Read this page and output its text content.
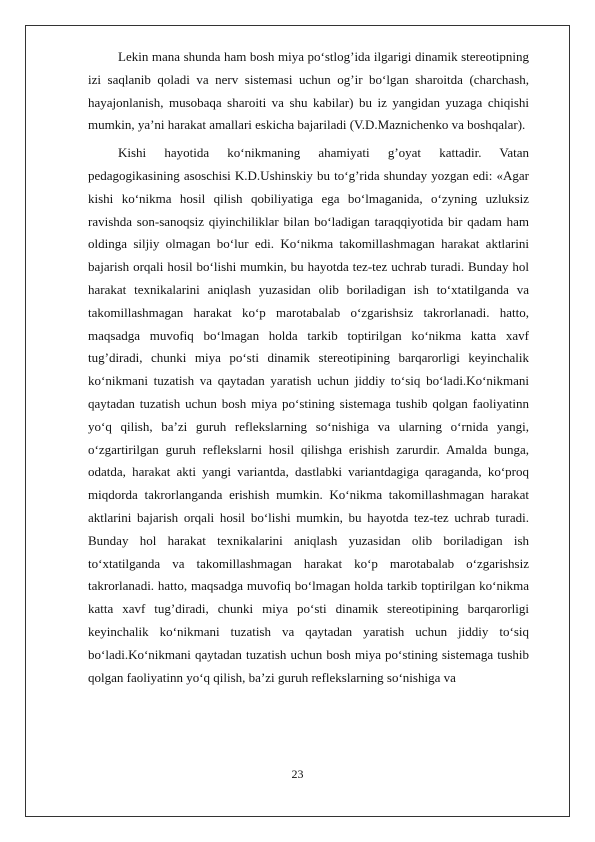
Lekin mana shunda ham bosh miya po‘stlog’ida ilgarigi dinamik stereotipning izi saqlanib qoladi va nerv sistemasi uchun og’ir bo‘lgan sharoitda (charchash, hayajonlanish, musobaqa sharoiti va shu kabilar) bu iz yangidan yuzaga chiqishi mumkin, ya’ni harakat amallari eskicha bajariladi (V.D.Maznichenko va boshqalar).

Kishi hayotida ko‘nikmaning ahamiyati g’oyat kattadir. Vatan pedagogikasining asoschisi K.D.Ushinskiy bu to‘g’rida shunday yozgan edi: «Agar kishi ko‘nikma hosil qilish qobiliyatiga ega bo‘lmaganida, o‘zyning uzluksiz ravishda son-sanoqsiz qiyinchiliklar bilan bo‘ladigan taraqqiyotida bir qadam ham oldinga siljiy olmagan bo‘lur edi. Ko‘nikma takomillashmagan harakat aktlarini bajarish orqali hosil bo‘lishi mumkin, bu hayotda tez-tez uchrab turadi. Bunday hol harakat texnikalarini aniqlash yuzasidan olib boriladigan ish to‘xtatilganda va takomillashmagan harakat ko‘p marotabalab o‘zgarishsiz takrorlanadi. hatto, maqsadga muvofiq bo‘lmagan holda tarkib toptirilgan ko‘nikma katta xavf tug’diradi, chunki miya po‘sti dinamik stereotipining barqarorligi keyinchalik ko‘nikmani tuzatish va qaytadan yaratish uchun jiddiy to‘siq bo‘ladi.Ko‘nikmani qaytadan tuzatish uchun bosh miya po‘stining sistemaga tushib qolgan faoliyatinn yo‘q qilish, ba’zi guruh reflekslarning so‘nishiga va ularning o‘rnida yangi, o‘zgartirilgan guruh reflekslarni hosil qilishga erishish zarurdir. Amalda bunga, odatda, harakat akti yangi variantda, dastlabki variantdagiga qaraganda, ko‘proq miqdorda takrorlanganda erishish mumkin. Ko‘nikma takomillashmagan harakat aktlarini bajarish orqali hosil bo‘lishi mumkin, bu hayotda tez-tez uchrab turadi. Bunday hol harakat texnikalarini aniqlash yuzasidan olib boriladigan ish to‘xtatilganda va takomillashmagan harakat ko‘p marotabalab o‘zgarishsiz takrorlanadi. hatto, maqsadga muvofiq bo‘lmagan holda tarkib toptirilgan ko‘nikma katta xavf tug’diradi, chunki miya po‘sti dinamik stereotipining barqarorligi keyinchalik ko‘nikmani tuzatish va qaytadan yaratish uchun jiddiy to‘siq bo‘ladi.Ko‘nikmani qaytadan tuzatish uchun bosh miya po‘stining sistemaga tushib qolgan faoliyatinn yo‘q qilish, ba’zi guruh reflekslarning so‘nishiga va

23
